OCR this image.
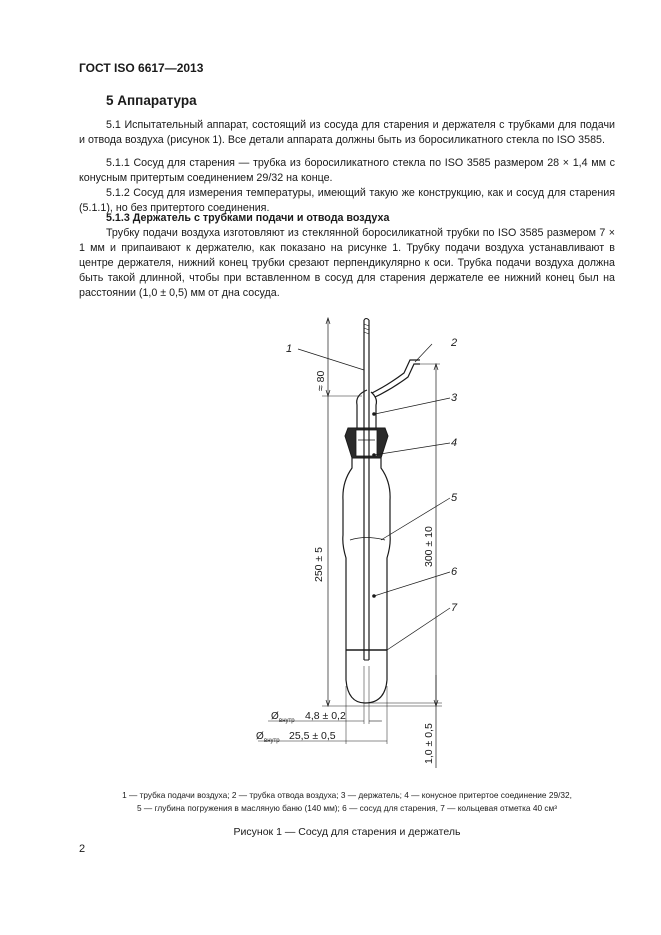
ГОСТ ISO 6617—2013
5 Аппаратура
5.1 Испытательный аппарат, состоящий из сосуда для старения и держателя с трубками для подачи и отвода воздуха (рисунок 1). Все детали аппарата должны быть из боросиликатного стекла по ISO 3585.
5.1.1 Сосуд для старения — трубка из боросиликатного стекла по ISO 3585 размером 28 × 1,4 мм с конусным притертым соединением 29/32 на конце.
5.1.2 Сосуд для измерения температуры, имеющий такую же конструкцию, как и сосуд для старения (5.1.1), но без притертого соединения.
5.1.3 Держатель с трубками подачи и отвода воздуха
Трубку подачи воздуха изготовляют из стеклянной боросиликатной трубки по ISO 3585 размером 7 × 1 мм и припаивают к держателю, как показано на рисунке 1. Трубку подачи воздуха устанавливают в центре держателя, нижний конец трубки срезают перпендикулярно к оси. Трубка подачи воздуха должна быть такой длинной, чтобы при вставленном в сосуд для старения держателе ее нижний конец был на расстоянии (1,0 ± 0,5) мм от дна сосуда.
1	2
3
4
5
6
7
≈ 80
250 ± 5	300 ± 10
1,0 ± 0,5
Ø внутр 4,8 ± 0,2
Ø внутр 25,5 ± 0,5
1 — трубка подачи воздуха; 2 — трубка отвода воздуха; 3 — держатель; 4 — конусное притертое соединение 29/32,
5 — глубина погружения в масляную баню (140 мм); 6 — сосуд для старения, 7 — кольцевая отметка 40 см³
Рисунок 1 — Сосуд для старения и держатель
2
